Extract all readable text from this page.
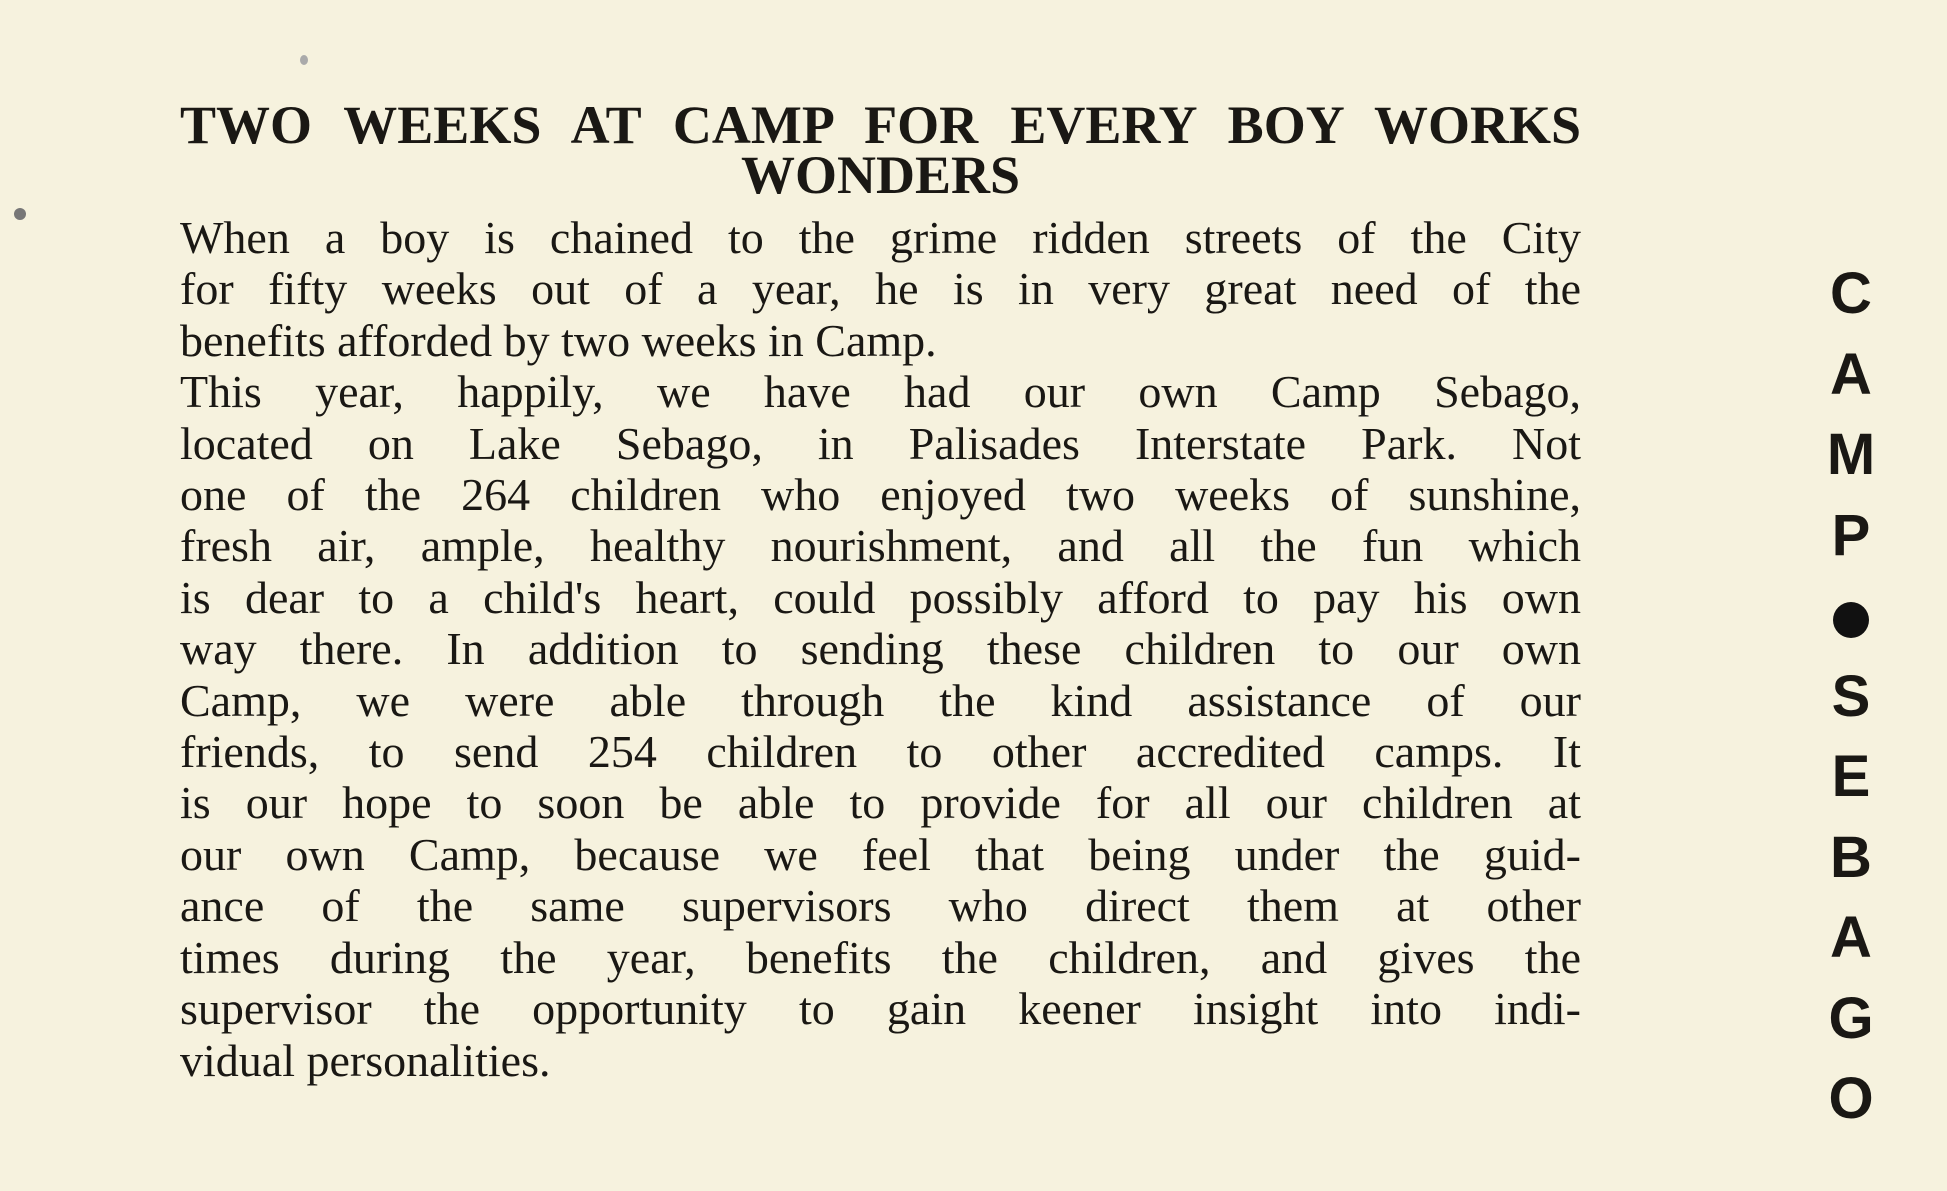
TWO WEEKS AT CAMP FOR EVERY BOY WORKS
WONDERS
When a boy is chained to the grime ridden streets of the City
for fifty weeks out of a year, he is in very great need of the
benefits afforded by two weeks in Camp.
This year, happily, we have had our own Camp Sebago,
located on Lake Sebago, in Palisades Interstate Park. Not
one of the 264 children who enjoyed two weeks of sunshine,
fresh air, ample, healthy nourishment, and all the fun which
is dear to a child's heart, could possibly afford to pay his own
way there. In addition to sending these children to our own
Camp, we were able through the kind assistance of our
friends, to send 254 children to other accredited camps. It
is our hope to soon be able to provide for all our children at
our own Camp, because we feel that being under the guid-
ance of the same supervisors who direct them at other
times during the year, benefits the children, and gives the
supervisor the opportunity to gain keener insight into indi-
vidual personalities.
C
A
M
P
S
E
B
A
G
O
